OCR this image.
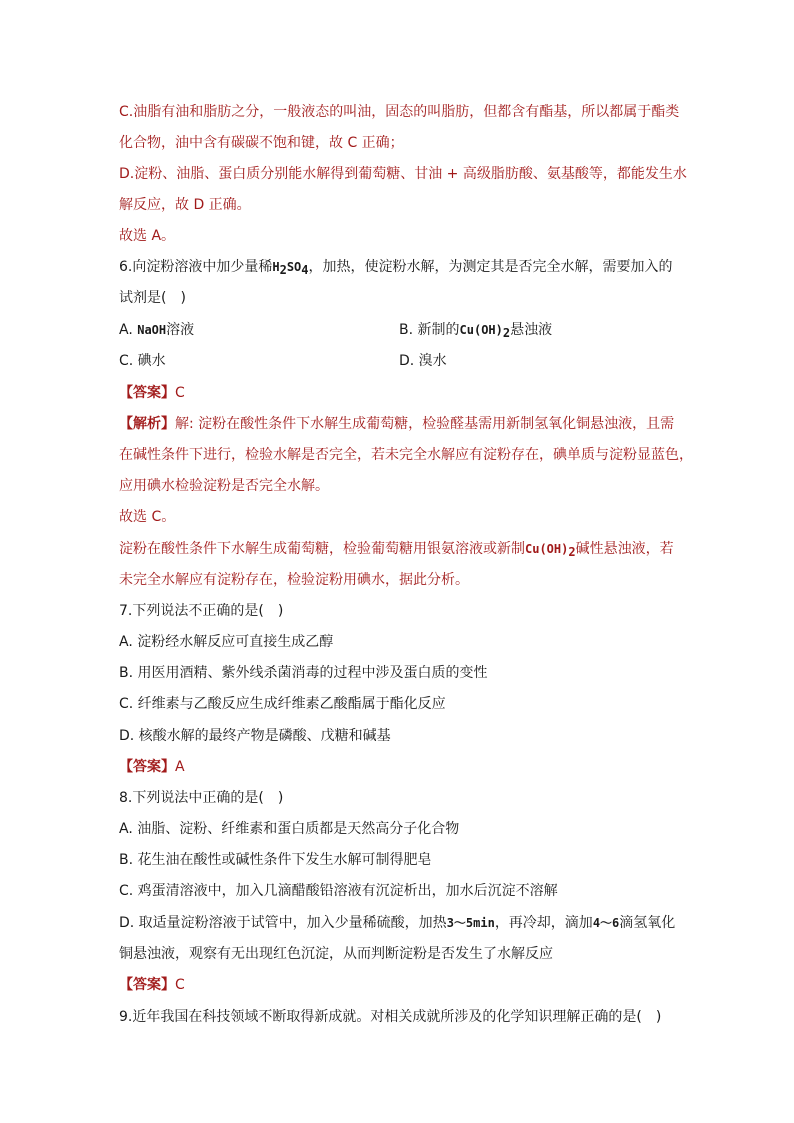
C.油脂有油和脂肪之分，一般液态的叫油，固态的叫脂肪，但都含有酯基，所以都属于酯类
化合物，油中含有碳碳不饱和键，故 C 正确；
D.淀粉、油脂、蛋白质分别能水解得到葡萄糖、甘油 + 高级脂肪酸、氨基酸等，都能发生水
解反应，故 D 正确。
故选 A。
6.向淀粉溶液中加少量稀$H_2SO_4$，加热，使淀粉水解，为测定其是否完全水解，需要加入的
试剂是(　)
A. NaOH溶液	B. 新制的$Cu(OH)_2$悬浊液
C. 碘水	D. 溴水
【答案】C
【解析】解: 淀粉在酸性条件下水解生成葡萄糖，检验醛基需用新制氢氧化铜悬浊液，且需
在碱性条件下进行，检验水解是否完全，若未完全水解应有淀粉存在，碘单质与淀粉显蓝色，
应用碘水检验淀粉是否完全水解。
故选 C。
淀粉在酸性条件下水解生成葡萄糖，检验葡萄糖用银氨溶液或新制$Cu(OH)_2$碱性悬浊液，若
未完全水解应有淀粉存在，检验淀粉用碘水，据此分析。
7.下列说法不正确的是(　)
A. 淀粉经水解反应可直接生成乙醇
B. 用医用酒精、紫外线杀菌消毒的过程中涉及蛋白质的变性
C. 纤维素与乙酸反应生成纤维素乙酸酯属于酯化反应
D. 核酸水解的最终产物是磷酸、戊糖和碱基
【答案】A
8.下列说法中正确的是(　)
A. 油脂、淀粉、纤维素和蛋白质都是天然高分子化合物
B. 花生油在酸性或碱性条件下发生水解可制得肥皂
C. 鸡蛋清溶液中，加入几滴醋酸铅溶液有沉淀析出，加水后沉淀不溶解
D. 取适量淀粉溶液于试管中，加入少量稀硫酸，加热3～5min，再冷却，滴加4～6滴氢氧化
铜悬浊液，观察有无出现红色沉淀，从而判断淀粉是否发生了水解反应
【答案】C
9.近年我国在科技领域不断取得新成就。对相关成就所涉及的化学知识理解正确的是(　)
